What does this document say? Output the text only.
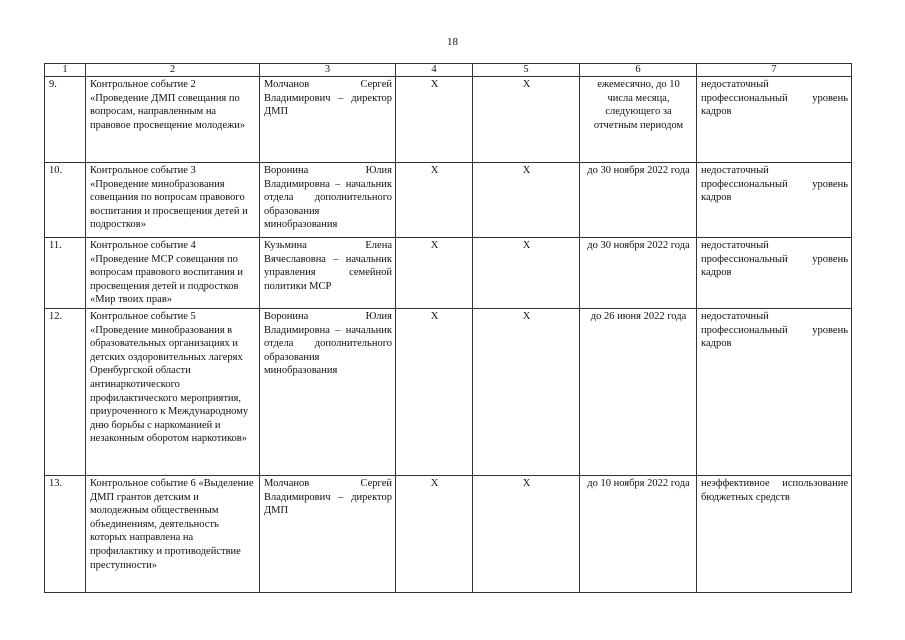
18
1	2	3	4	5	6	7
9.	Контрольное событие 2 «Проведение ДМП совещания по вопросам, направленным на правовое просвещение молодежи»	Молчанов Сергей Владимирович – директор ДМП	Х	Х	ежемесячно, до 10 числа месяца, следующего за отчетным периодом	недостаточный профессиональный уровень кадров
10.	Контрольное событие 3 «Проведение минобразования совещания по вопросам правового воспитания и просвещения детей и подростков»	Воронина Юлия Владимировна – начальник отдела дополнительного образования минобразования	Х	Х	до 30 ноября 2022 года	недостаточный профессиональный уровень кадров
11.	Контрольное событие 4 «Проведение МСР совещания по вопросам правового воспитания и просвещения детей и подростков «Мир твоих прав»	Кузьмина Елена Вячеславовна – начальник управления семейной политики МСР	Х	Х	до 30 ноября 2022 года	недостаточный профессиональный уровень кадров
12.	Контрольное событие 5 «Проведение минобразования в образовательных организациях и детских оздоровительных лагерях Оренбургской области антинаркотического профилактического мероприятия, приуроченного к Международному дню борьбы с наркоманией и незаконным оборотом наркотиков»	Воронина Юлия Владимировна – начальник отдела дополнительного образования минобразования	Х	Х	до 26 июня 2022 года	недостаточный профессиональный уровень кадров
13.	Контрольное событие 6 «Выделение ДМП грантов детским и молодежным общественным объединениям, деятельность которых направлена на профилактику и противодействие преступности»	Молчанов Сергей Владимирович – директор ДМП	Х	Х	до 10 ноября 2022 года	неэффективное использование бюджетных средств
